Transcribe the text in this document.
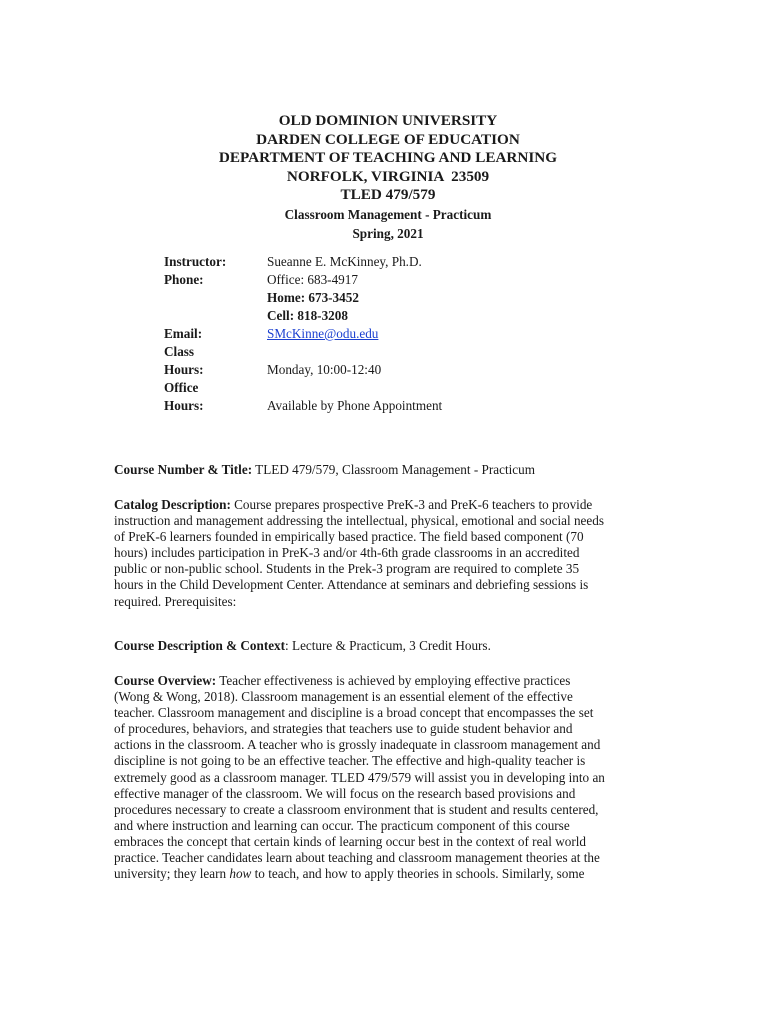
OLD DOMINION UNIVERSITY
DARDEN COLLEGE OF EDUCATION
DEPARTMENT OF TEACHING AND LEARNING
NORFOLK, VIRGINIA  23509
TLED 479/579
Classroom Management - Practicum
Spring, 2021
Instructor:	Sueanne E. McKinney, Ph.D.
Phone:	Office: 683-4917
Home: 673-3452
Cell: 818-3208
Email:	SMcKinne@odu.edu
Class
Hours:	Monday, 10:00-12:40
Office
Hours:	Available by Phone Appointment
Course Number & Title: TLED 479/579, Classroom Management - Practicum
Catalog Description: Course prepares prospective PreK-3 and PreK-6 teachers to provide
instruction and management addressing the intellectual, physical, emotional and social needs
of PreK-6 learners founded in empirically based practice. The field based component (70
hours) includes participation in PreK-3 and/or 4th-6th grade classrooms in an accredited
public or non-public school. Students in the Prek-3 program are required to complete 35
hours in the Child Development Center. Attendance at seminars and debriefing sessions is
required. Prerequisites:
Course Description & Context: Lecture & Practicum, 3 Credit Hours.
Course Overview: Teacher effectiveness is achieved by employing effective practices
(Wong & Wong, 2018). Classroom management is an essential element of the effective
teacher. Classroom management and discipline is a broad concept that encompasses the set
of procedures, behaviors, and strategies that teachers use to guide student behavior and
actions in the classroom. A teacher who is grossly inadequate in classroom management and
discipline is not going to be an effective teacher. The effective and high-quality teacher is
extremely good as a classroom manager. TLED 479/579 will assist you in developing into an
effective manager of the classroom. We will focus on the research based provisions and
procedures necessary to create a classroom environment that is student and results centered,
and where instruction and learning can occur. The practicum component of this course
embraces the concept that certain kinds of learning occur best in the context of real world
practice. Teacher candidates learn about teaching and classroom management theories at the
university; they learn how to teach, and how to apply theories in schools. Similarly, some
